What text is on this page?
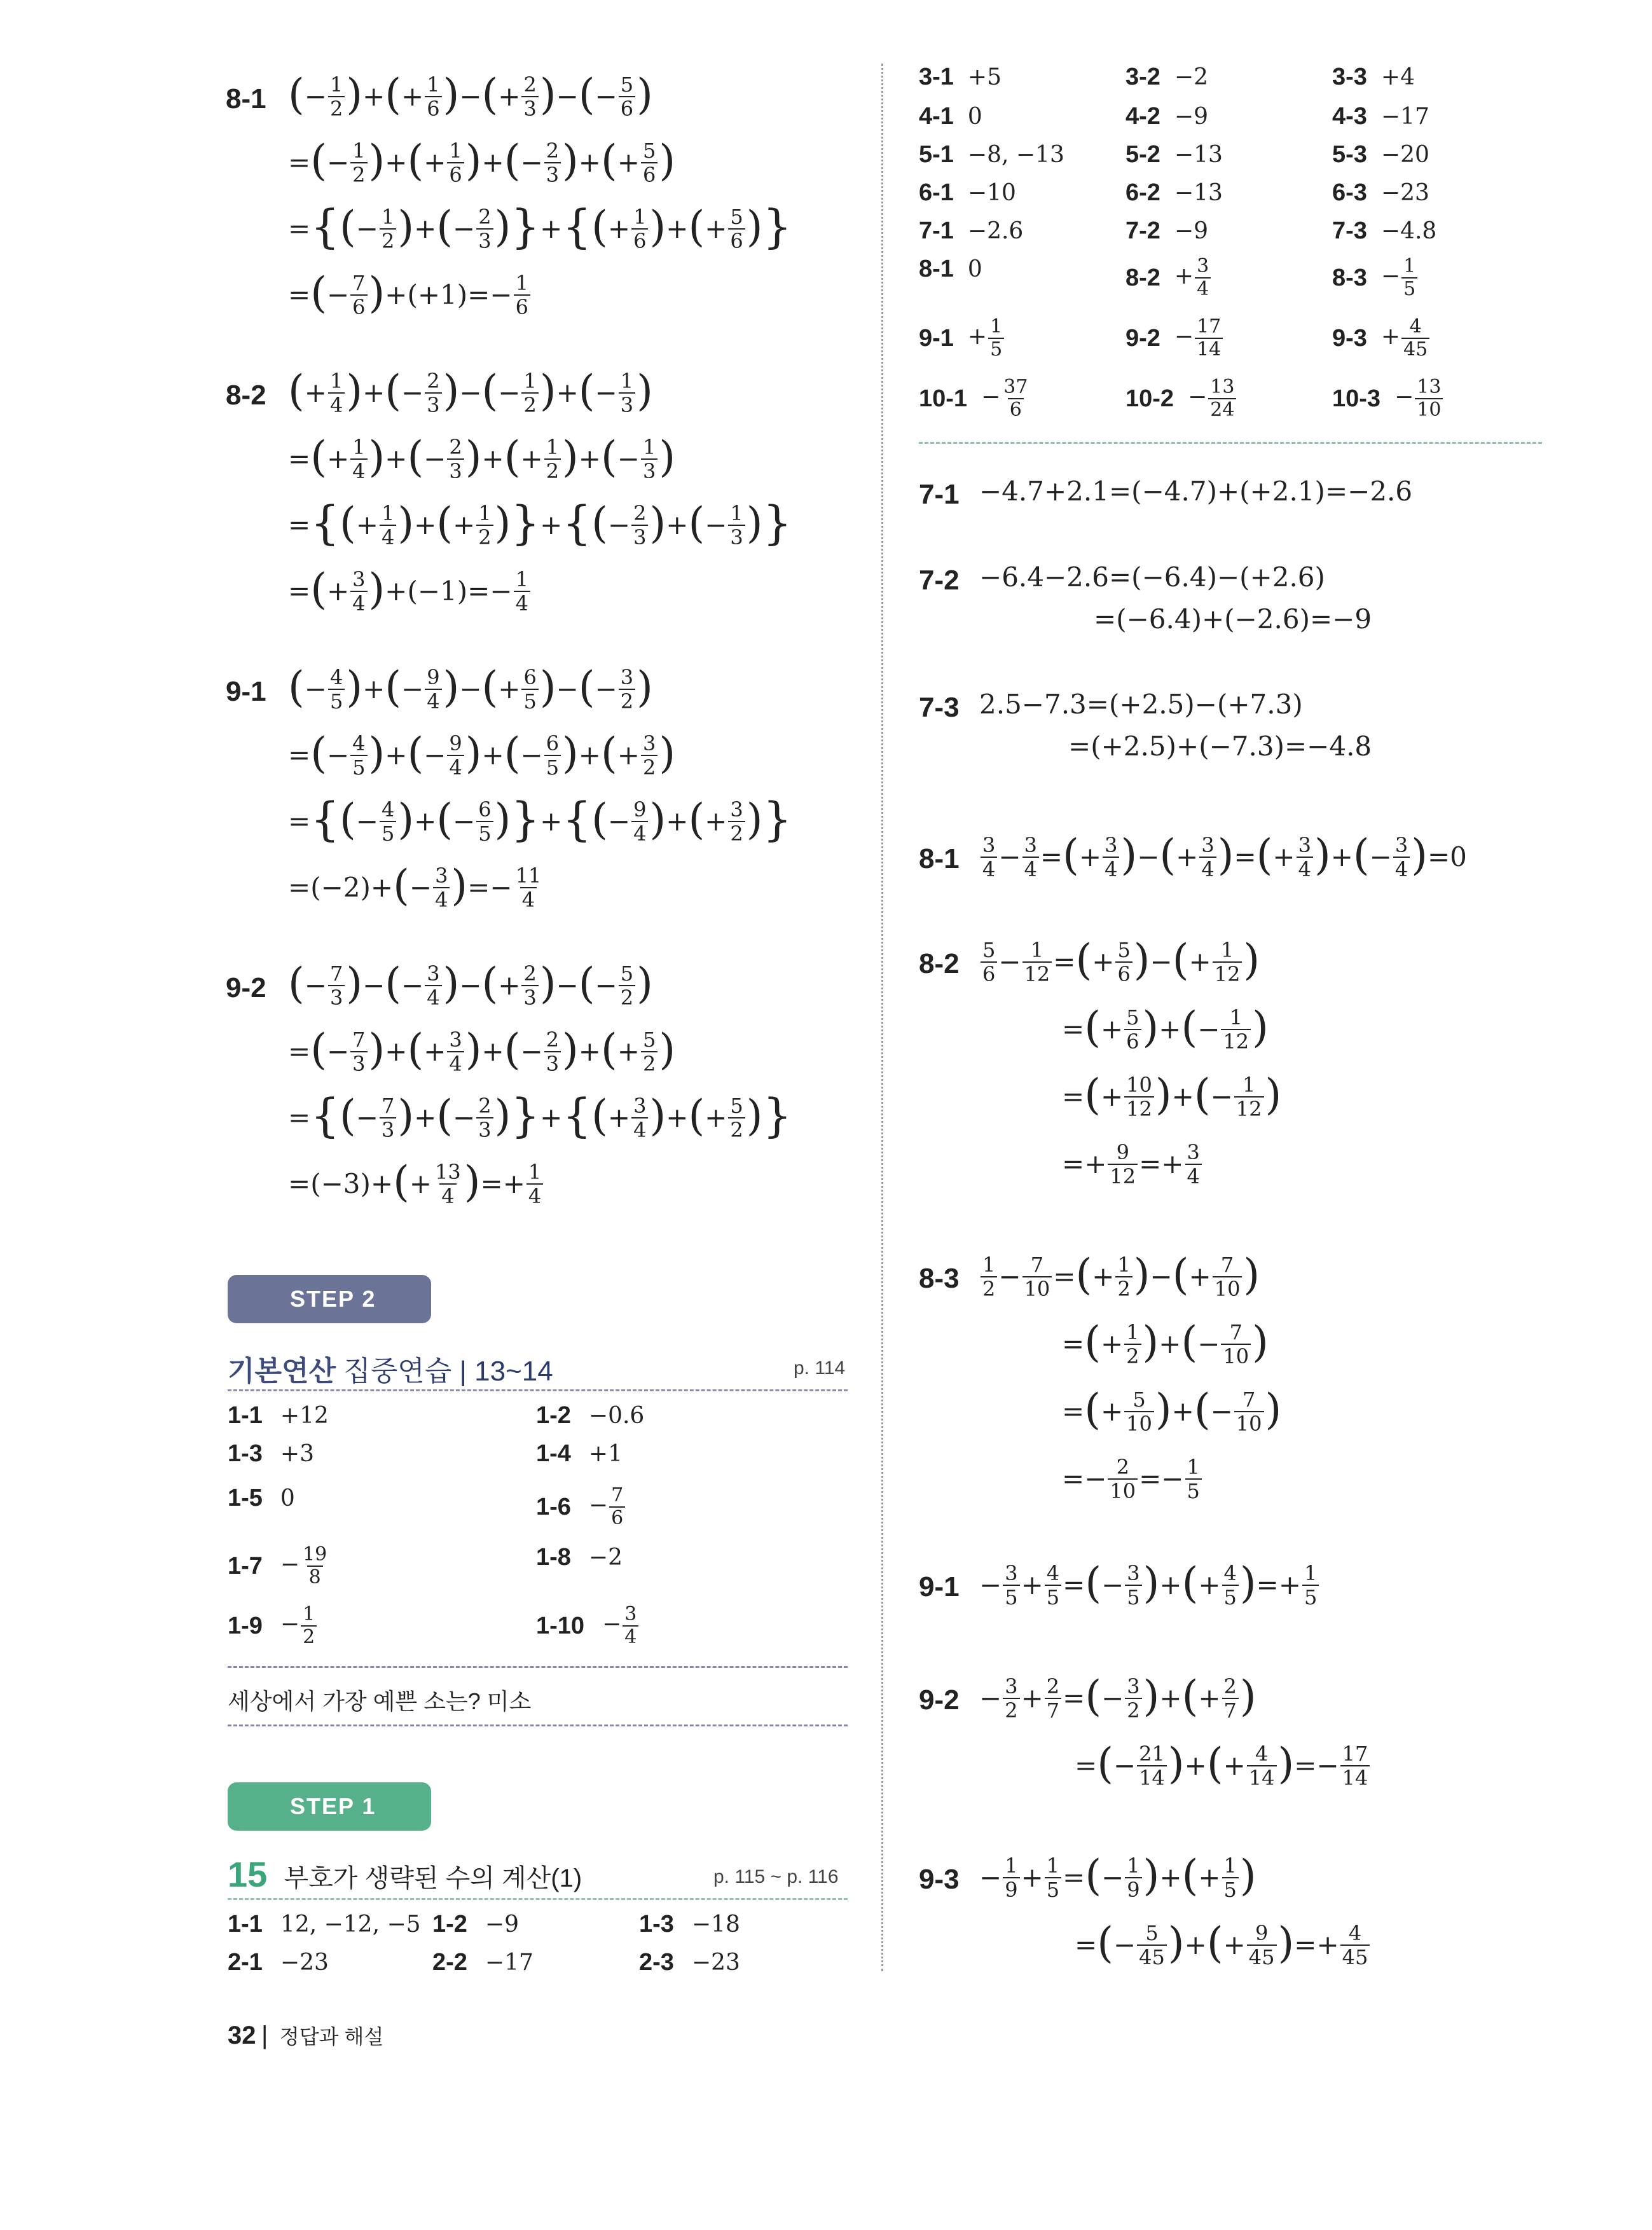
8-1 ( − $\frac{1}{2}$ ) + ( + $\frac{1}{6}$ ) − ( + $\frac{2}{3}$ ) − ( − $\frac{5}{6}$ )
= ( − $\frac{1}{2}$ ) + ( + $\frac{1}{6}$ ) + ( − $\frac{2}{3}$ ) + ( + $\frac{5}{6}$ )
= { ( − $\frac{1}{2}$ ) + ( − $\frac{2}{3}$ ) } + { ( + $\frac{1}{6}$ ) + ( + $\frac{5}{6}$ ) }
= ( − $\frac{7}{6}$ ) + ( +1 ) =− $\frac{1}{6}$
8-2 ( + $\frac{1}{4}$ ) + ( − $\frac{2}{3}$ ) − ( − $\frac{1}{2}$ ) + ( − $\frac{1}{3}$ )
= ( + $\frac{1}{4}$ ) + ( − $\frac{2}{3}$ ) + ( + $\frac{1}{2}$ ) + ( − $\frac{1}{3}$ )
= { ( + $\frac{1}{4}$ ) + ( + $\frac{1}{2}$ ) } + { ( − $\frac{2}{3}$ ) + ( − $\frac{1}{3}$ ) }
= ( + $\frac{3}{4}$ ) + ( −1 ) =− $\frac{1}{4}$
9-1 ( − $\frac{4}{5}$ ) + ( − $\frac{9}{4}$ ) − ( + $\frac{6}{5}$ ) − ( − $\frac{3}{2}$ )
= ( − $\frac{4}{5}$ ) + ( − $\frac{9}{4}$ ) + ( − $\frac{6}{5}$ ) + ( + $\frac{3}{2}$ )
= { ( − $\frac{4}{5}$ ) + ( − $\frac{6}{5}$ ) } + { ( − $\frac{9}{4}$ ) + ( + $\frac{3}{2}$ ) }
= ( −2 ) + ( − $\frac{3}{4}$ ) =− $\frac{11}{4}$
9-2 ( − $\frac{7}{3}$ ) − ( − $\frac{3}{4}$ ) − ( + $\frac{2}{3}$ ) − ( − $\frac{5}{2}$ )
= ( − $\frac{7}{3}$ ) + ( + $\frac{3}{4}$ ) + ( − $\frac{2}{3}$ ) + ( + $\frac{5}{2}$ )
= { ( − $\frac{7}{3}$ ) + ( − $\frac{2}{3}$ ) } + { ( + $\frac{3}{4}$ ) + ( + $\frac{5}{2}$ ) }
= ( −3 ) + ( + $\frac{13}{4}$ ) =+ $\frac{1}{4}$
3-1 +5	3-2 −2	3-3 +4
4-1 0	4-2 −9	4-3 −17
5-1 −8, −13	5-2 −13	5-3 −20
6-1 −10	6-2 −13	6-3 −23
7-1 −2.6	7-2 −9	7-3 −4.8
8-1 0	$8-2 + \frac{3}{4}$	$8-3 - \frac{1}{5}$
$9-1 + \frac{1}{5}$	$9-2 - \frac{17}{14}$	$9-3 + \frac{4}{45}$
$10-1 - \frac{37}{6}$	$10-2 - \frac{13}{24}$	$10-3 - \frac{13}{10}$
7-1 −4.7+2.1= ( −4.7 ) + ( +2.1 ) =−2.6
7-2 −6.4−2.6= ( −6.4 ) − ( +2.6 )
= ( −6.4 ) + ( −2.6 ) =−9
7-3 2.5−7.3= ( +2.5 ) − ( +7.3 )
= ( +2.5 ) + ( −7.3 ) =−4.8
8-1	3
$4 - \frac{3}{4}$ = ( + $\frac{3}{4}$ ) − ( + $\frac{3}{4}$ ) = ( + $\frac{3}{4}$ ) + ( − $\frac{3}{4}$ ) =0
8-2	5
$6 - \frac{1}{12}$ = ( + $\frac{5}{6}$ ) − ( + $\frac{1}{12}$ )
= ( + $\frac{5}{6}$ ) + ( − $\frac{1}{12}$ )
= ( + $\frac{10}{12}$ ) + ( − $\frac{1}{12}$ )
=+ $\frac{9}{12} =+ \frac{3}{4}$
8-3	1
$2 - \frac{7}{10}$ = ( + $\frac{1}{2}$ ) − ( + $\frac{7}{10}$ )
= ( + $\frac{1}{2}$ ) + ( − $\frac{7}{10}$ )
= ( + $\frac{5}{10}$ ) + ( − $\frac{7}{10}$ )
=− $\frac{2}{10} =- \frac{1}{5}$
$9-1 - \frac{3}{5} + \frac{4}{5}$ = ( − $\frac{3}{5}$ ) + ( + $\frac{4}{5}$ ) =+ $\frac{1}{5}$
$9-2 - \frac{3}{2} + \frac{2}{7}$ = ( − $\frac{3}{2}$ ) + ( + $\frac{2}{7}$ )
= ( − $\frac{21}{14}$ ) + ( + $\frac{4}{14}$ ) =− $\frac{17}{14}$
$9-3 - \frac{1}{9} + \frac{1}{5}$ = ( − $\frac{1}{9}$ ) + ( + $\frac{1}{5}$ )
= ( − $\frac{5}{45}$ ) + ( + $\frac{9}{45}$ ) =+ $\frac{4}{45}$
STEP 2
기본연산 집중연습 | 13~14	p. 114
1-1 +12	1-2 −0.6
1-3 +3	1-4 +1
1-5 0	$1-6 - \frac{7}{6}$
$1-7 - \frac{19}{8}$	1-8 −2
$1-9 - \frac{1}{2}$	$1-10 - \frac{3}{4}$
세상에서 가장 예쁜 소는? 미소
STEP 1
15 부호가 생략된 수의 계산(1)	p. 115 ~ p. 116
1-1 12, −12, −5 1-2 −9	1-3 −18
2-1 −23	2-2 −17	2-3 −23
32 | 정답과 해설
